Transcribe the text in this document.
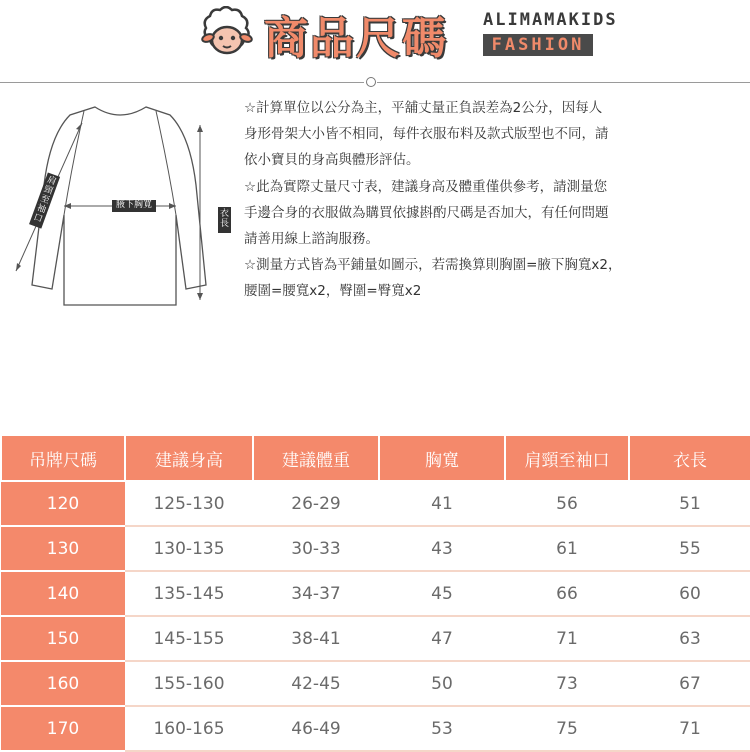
商品尺碼 ALIMAMAKIDS
FASHION
肩頸至袖口
腋下胸寬
衣長
☆計算單位以公分為主，平舖丈量正負誤差為2公分，因每人
身形骨架大小皆不相同，每件衣服布料及款式版型也不同，請
依小寶貝的身高與體形評估。
☆此為實際丈量尺寸表，建議身高及體重僅供參考，請測量您
手邊合身的衣服做為購買依據斟酌尺碼是否加大，有任何問題
請善用線上諮詢服務。
☆測量方式皆為平鋪量如圖示，若需換算則胸圍=腋下胸寬x2，
腰圍=腰寬x2，臀圍=臀寬x2
吊牌尺碼	建議身高	建議體重	胸寬	肩頸至袖口	衣長
120	125-130	26-29	41	56	51
130	130-135	30-33	43	61	55
140	135-145	34-37	45	66	60
150	145-155	38-41	47	71	63
160	155-160	42-45	50	73	67
170	160-165	46-49	53	75	71
